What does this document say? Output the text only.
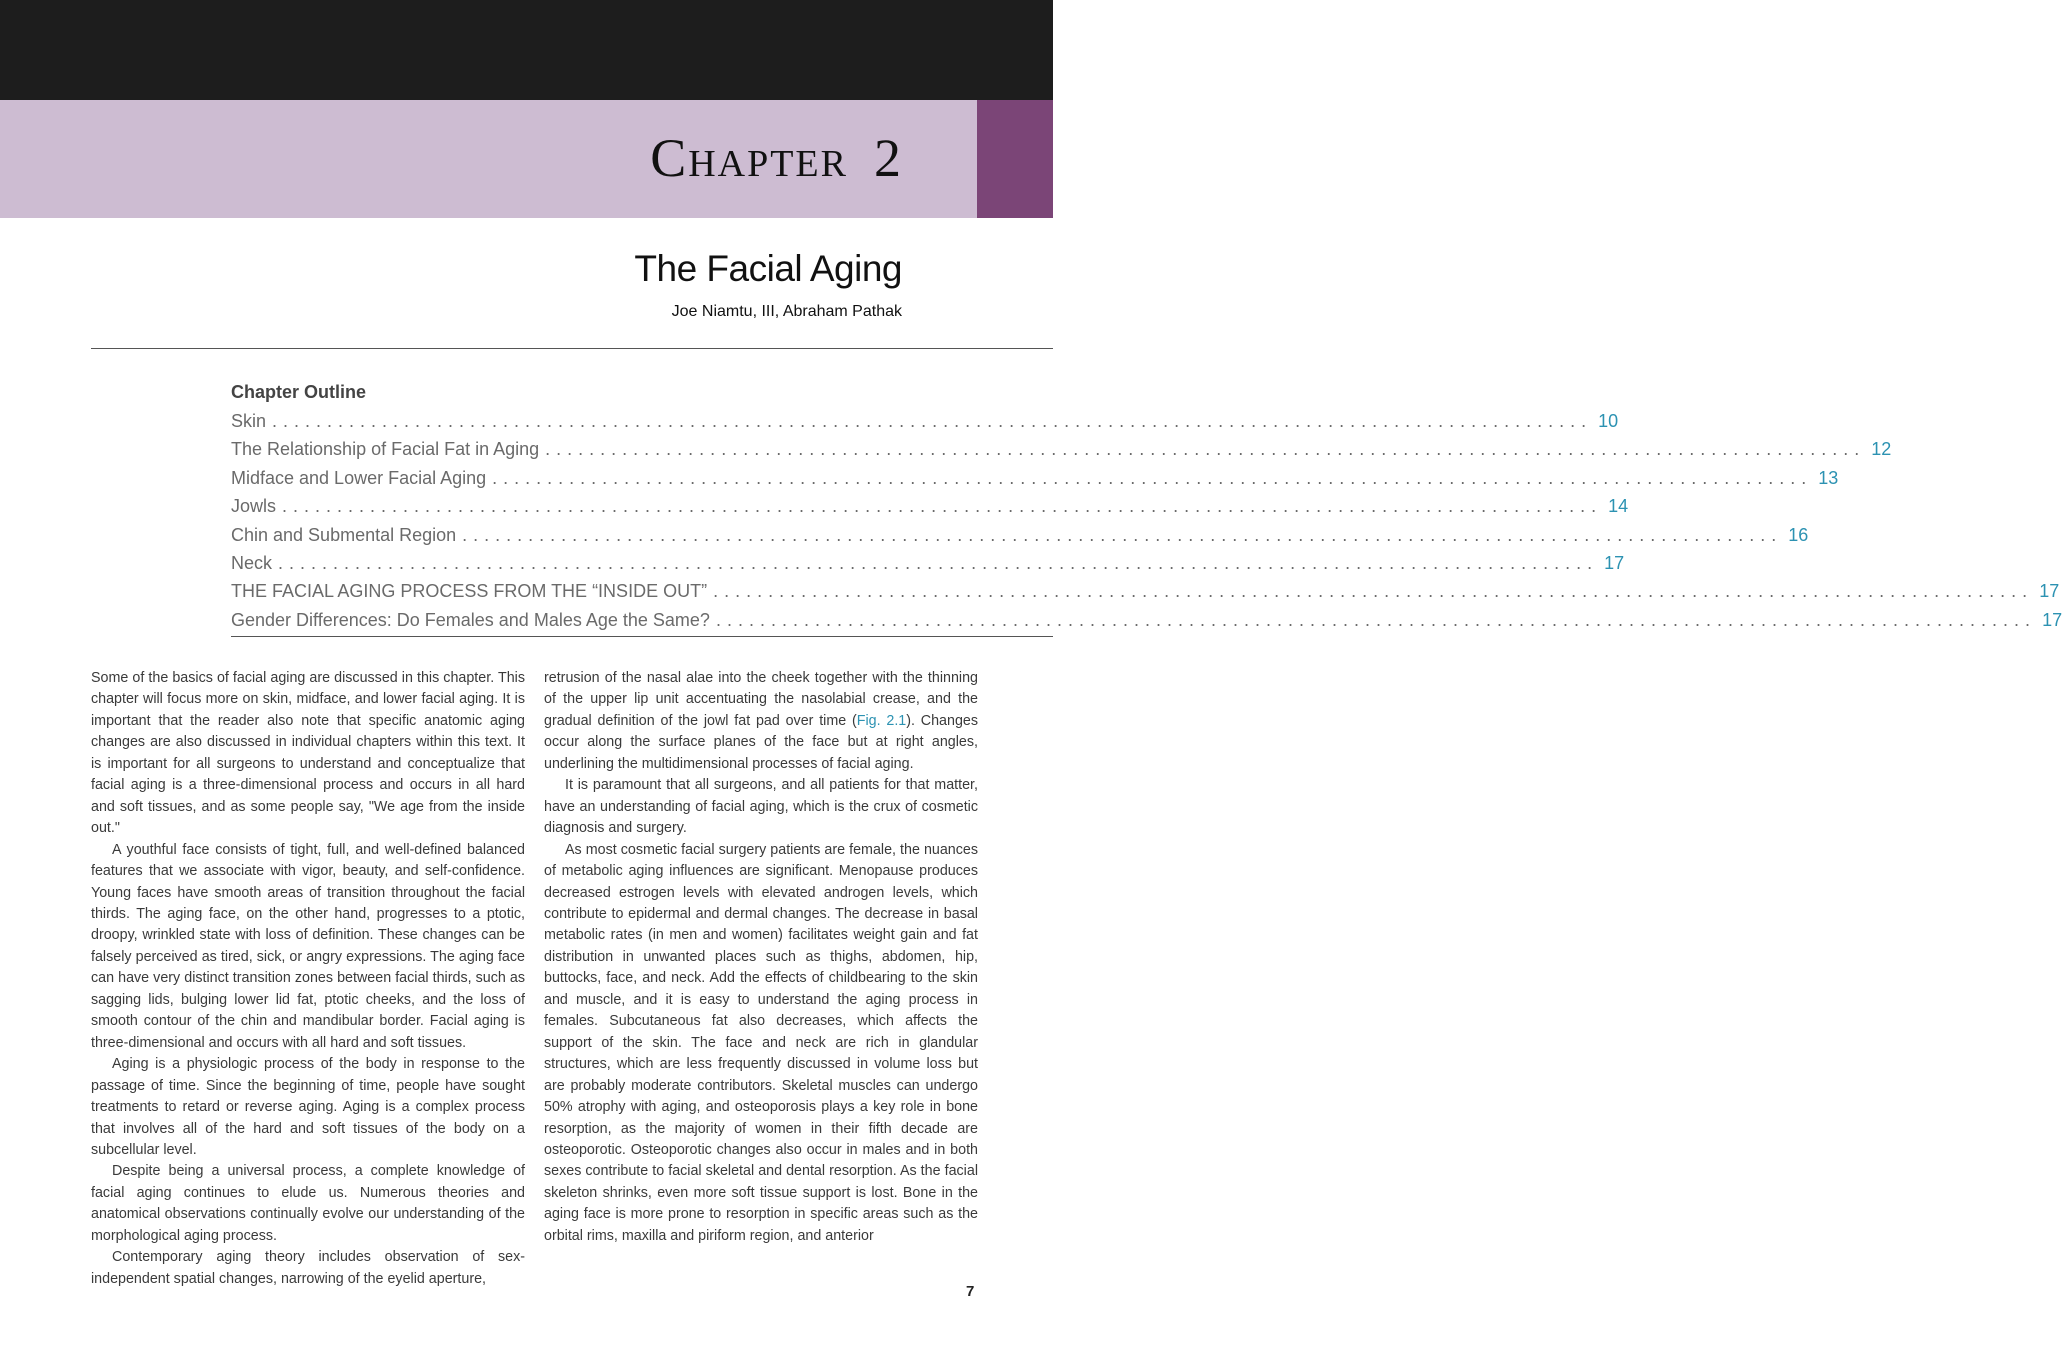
Chapter 2
The Facial Aging
Joe Niamtu, III, Abraham Pathak
Chapter Outline
Skin ........................................................................................................................ 10
The Relationship of Facial Fat in Aging ........................................................................................................................ 12
Midface and Lower Facial Aging ........................................................................................................................ 13
Jowls ........................................................................................................................ 14
Chin and Submental Region ........................................................................................................................ 16
Neck ........................................................................................................................ 17
THE FACIAL AGING PROCESS FROM THE “INSIDE OUT” ........................................................................................................................ 17
Gender Differences: Do Females and Males Age the Same? ........................................................................................................................ 17

Some of the basics of facial aging are discussed in this chapter. This chapter will focus more on skin, midface, and lower facial aging. It is important that the reader also note that specific anatomic aging changes are also discussed in individual chapters within this text. It is important for all surgeons to understand and conceptualize that facial aging is a three-dimensional process and occurs in all hard and soft tissues, and as some people say, "We age from the inside out."

A youthful face consists of tight, full, and well-defined balanced features that we associate with vigor, beauty, and self-confidence. Young faces have smooth areas of transition throughout the facial thirds. The aging face, on the other hand, progresses to a ptotic, droopy, wrinkled state with loss of definition. These changes can be falsely perceived as tired, sick, or angry expressions. The aging face can have very distinct transition zones between facial thirds, such as sagging lids, bulging lower lid fat, ptotic cheeks, and the loss of smooth contour of the chin and mandibular border. Facial aging is three-dimensional and occurs with all hard and soft tissues.

Aging is a physiologic process of the body in response to the passage of time. Since the beginning of time, people have sought treatments to retard or reverse aging. Aging is a complex process that involves all of the hard and soft tissues of the body on a subcellular level.

Despite being a universal process, a complete knowledge of facial aging continues to elude us. Numerous theories and anatomical observations continually evolve our understanding of the morphological aging process.

Contemporary aging theory includes observation of sex-independent spatial changes, narrowing of the eyelid aperture,

retrusion of the nasal alae into the cheek together with the thinning of the upper lip unit accentuating the nasolabial crease, and the gradual definition of the jowl fat pad over time (Fig. 2.1). Changes occur along the surface planes of the face but at right angles, underlining the multidimensional processes of facial aging.

It is paramount that all surgeons, and all patients for that matter, have an understanding of facial aging, which is the crux of cosmetic diagnosis and surgery.

As most cosmetic facial surgery patients are female, the nuances of metabolic aging influences are significant. Menopause produces decreased estrogen levels with elevated androgen levels, which contribute to epidermal and dermal changes. The decrease in basal metabolic rates (in men and women) facilitates weight gain and fat distribution in unwanted places such as thighs, abdomen, hip, buttocks, face, and neck. Add the effects of childbearing to the skin and muscle, and it is easy to understand the aging process in females. Subcutaneous fat also decreases, which affects the support of the skin. The face and neck are rich in glandular structures, which are less frequently discussed in volume loss but are probably moderate contributors. Skeletal muscles can undergo 50% atrophy with aging, and osteoporosis plays a key role in bone resorption, as the majority of women in their fifth decade are osteoporotic. Osteoporotic changes also occur in males and in both sexes contribute to facial skeletal and dental resorption. As the facial skeleton shrinks, even more soft tissue support is lost. Bone in the aging face is more prone to resorption in specific areas such as the orbital rims, maxilla and piriform region, and anterior

7
